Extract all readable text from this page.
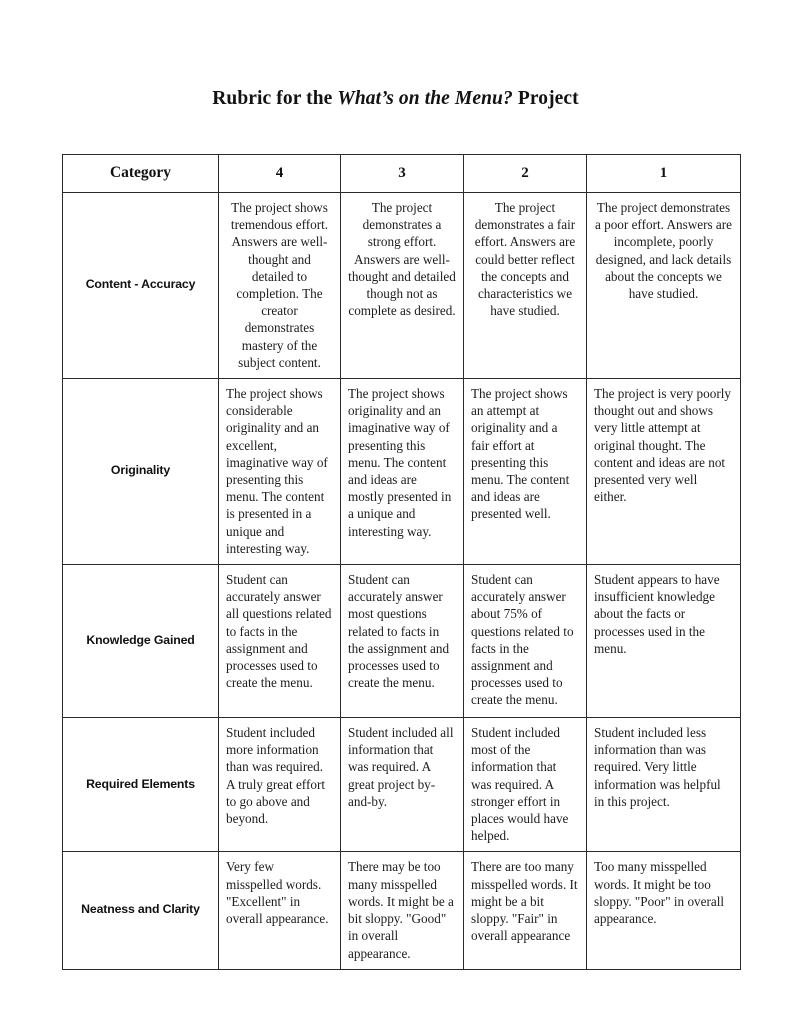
Rubric for the What’s on the Menu? Project
Category	4	3	2	1
Content - Accuracy	The project shows tremendous effort. Answers are well-thought and detailed to completion. The creator demonstrates mastery of the subject content.	The project demonstrates a strong effort. Answers are well-thought and detailed though not as complete as desired.	The project demonstrates a fair effort. Answers are could better reflect the concepts and characteristics we have studied.	The project demonstrates a poor effort. Answers are incomplete, poorly designed, and lack details about the concepts we have studied.
Originality	The project shows considerable originality and an excellent, imaginative way of presenting this menu. The content is presented in a unique and interesting way.	The project shows originality and an imaginative way of presenting this menu. The content and ideas are mostly presented in a unique and interesting way.	The project shows an attempt at originality and a fair effort at presenting this menu. The content and ideas are presented well.	The project is very poorly thought out and shows very little attempt at original thought. The content and ideas are not presented very well either.
Knowledge Gained	Student can accurately answer all questions related to facts in the assignment and processes used to create the menu.	Student can accurately answer most questions related to facts in the assignment and processes used to create the menu.	Student can accurately answer about 75% of questions related to facts in the assignment and processes used to create the menu.	Student appears to have insufficient knowledge about the facts or processes used in the menu.
Required Elements	Student included more information than was required. A truly great effort to go above and beyond.	Student included all information that was required. A great project by-and-by.	Student included most of the information that was required. A stronger effort in places would have helped.	Student included less information than was required. Very little information was helpful in this project.
Neatness and Clarity	Very few misspelled words. "Excellent" in overall appearance.	There may be too many misspelled words. It might be a bit sloppy. "Good" in overall appearance.	There are too many misspelled words. It might be a bit sloppy. "Fair" in overall appearance	Too many misspelled words. It might be too sloppy. "Poor" in overall appearance.
